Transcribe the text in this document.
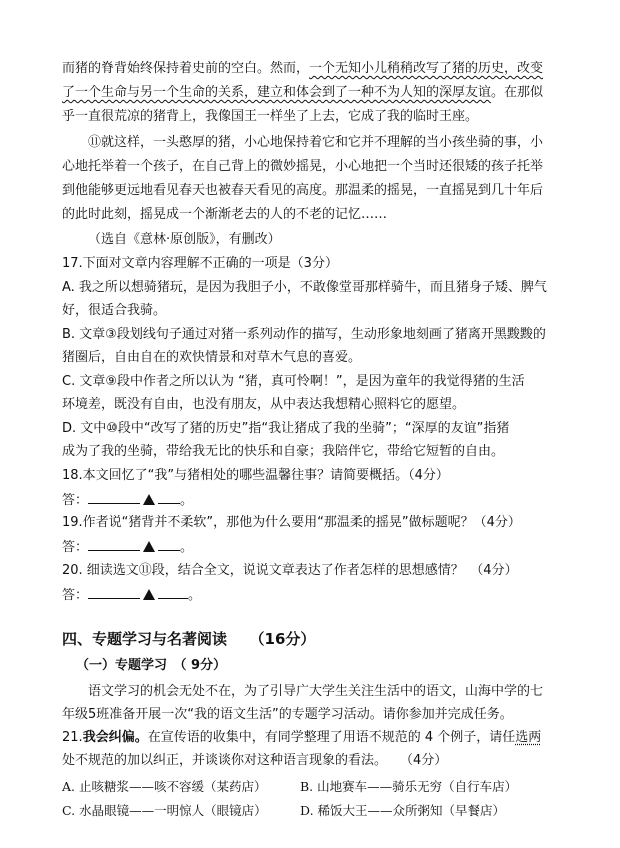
而猪的脊背始终保持着史前的空白。然而，一个无知小儿稍稍改写了猪的历史，改变
了一个生命与另一个生命的关系，建立和体会到了一种不为人知的深厚友谊。在那似
乎一直很荒凉的猪背上，我像国王一样坐了上去，它成了我的临时王座。
⑪就这样，一头憨厚的猪，小心地保持着它和它并不理解的当小孩坐骑的事，小
心地托举着一个孩子，在自己背上的微妙摇晃，小心地把一个当时还很矮的孩子托举
到他能够更远地看见春天也被春天看见的高度。那温柔的摇晃，一直摇晃到几十年后
的此时此刻，摇晃成一个渐渐老去的人的不老的记忆……
（选自《意林·原创版》，有删改）
17.下面对文章内容理解不正确的一项是（3分）
A. 我之所以想骑猪玩，是因为我胆子小，不敢像堂哥那样骑牛，而且猪身子矮、脾气
好，很适合我骑。
B. 文章③段划线句子通过对猪一系列动作的描写，生动形象地刻画了猪离开黑黢黢的
猪圈后，自由自在的欢快情景和对草木气息的喜爱。
C. 文章⑨段中作者之所以认为 “猪，真可怜啊！”，是因为童年的我觉得猪的生活
环境差，既没有自由，也没有朋友，从中表达我想精心照料它的愿望。
D. 文中⑩段中“改写了猪的历史”指“我让猪成了我的坐骑”；“深厚的友谊”指猪
成为了我的坐骑，带给我无比的快乐和自豪；我陪伴它，带给它短暂的自由。
18.本文回忆了“我”与猪相处的哪些温馨往事？请简要概括。（4分）
答：	。
19.作者说“猪背并不柔软”，那他为什么要用“那温柔的摇晃”做标题呢？（4分）
答：	。
20. 细读选文⑪段，结合全文，说说文章表达了作者怎样的思想感情？　（4分）
答：	。
四、专题学习与名著阅读　　（16分）
（一）专题学习　（ 9分）
语文学习的机会无处不在，为了引导广大学生关注生活中的语文，山海中学的七
年级5班准备开展一次“我的语文生活”的专题学习活动。请你参加并完成任务。
21.我会纠偏。在宣传语的收集中，有同学整理了用语不规范的 4 个例子，请任选两
处不规范的加以纠正，并谈谈你对这种语言现象的看法。　　（4分）
A. 止咳糖浆——咳不容缓（某药店）	B. 山地赛车——骑乐无穷（自行车店）
C. 水晶眼镜——一明惊人（眼镜店）	D. 稀饭大王——众所粥知（早餐店）
